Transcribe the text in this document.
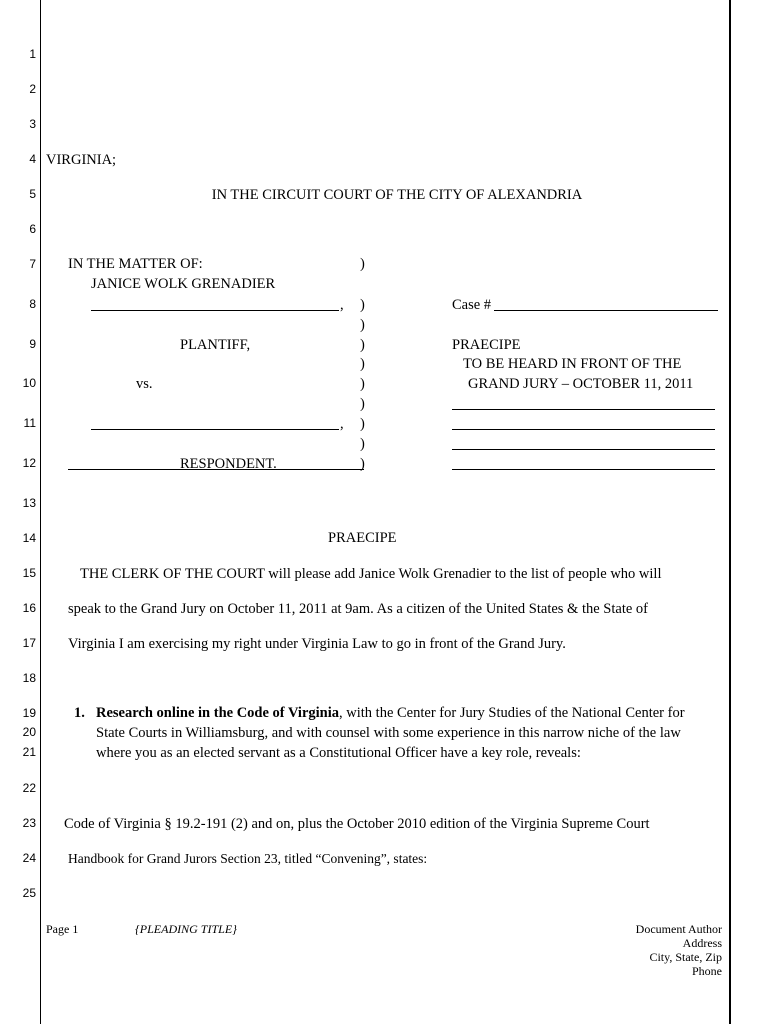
1
2
3
4
5
6
7
8
9
10
11
12
13
14
15
16
17
18
19
20
21
22
23
24
25
VIRGINIA;
IN THE CIRCUIT COURT OF THE CITY OF ALEXANDRIA
IN THE MATTER OF:
JANICE WOLK GRENADIER
,
PLANTIFF,
vs.
,
RESPONDENT.
)
)
)
)
)
)
)
)
)
)
Case #
PRAECIPE
TO BE HEARD IN FRONT OF THE
GRAND JURY – OCTOBER 11, 2011
PRAECIPE
THE CLERK OF THE COURT will please add Janice Wolk Grenadier to the list of people who will
speak to the Grand Jury on October 11, 2011 at 9am. As a citizen of the United States & the State of
Virginia I am exercising my right under Virginia Law to go in front of the Grand Jury.
1. Research online in the Code of Virginia, with the Center for Jury Studies of the National Center for
State Courts in Williamsburg, and with counsel with some experience in this narrow niche of the law
where you as an elected servant as a Constitutional Officer have a key role, reveals:
Code of Virginia § 19.2-191 (2) and on, plus the October 2010 edition of the Virginia Supreme Court
Handbook for Grand Jurors Section 23, titled “Convening”, states:
Page 1	{PLEADING TITLE}	Document Author
Address
City, State, Zip
Phone
